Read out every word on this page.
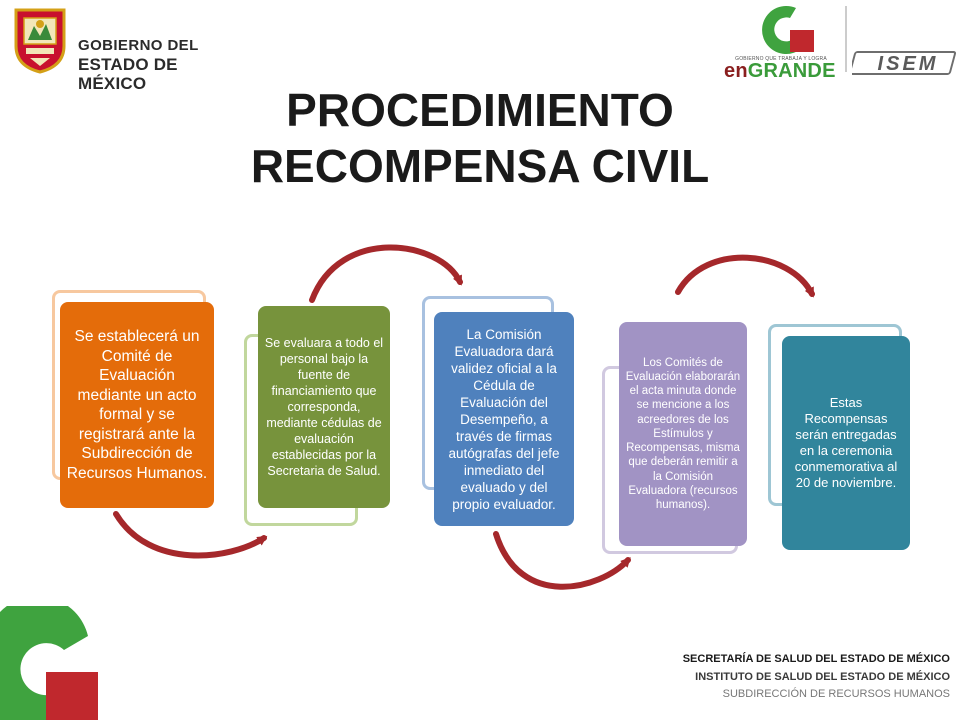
GOBIERNO DEL
ESTADO DE MÉXICO
GOBIERNO QUE TRABAJA Y LOGRA
enGRANDE ISEM
PROCEDIMIENTO
RECOMPENSA CIVIL
Se establecerá un Comité de Evaluación mediante un acto formal y se registrará ante la Subdirección de Recursos Humanos.
Se evaluara a todo el personal bajo la fuente de financiamiento que corresponda, mediante cédulas de evaluación establecidas por la Secretaria de Salud.
La Comisión Evaluadora dará validez oficial a la Cédula de Evaluación del Desempeño, a través de firmas autógrafas del jefe inmediato del evaluado y del propio evaluador.
Los Comités de Evaluación elaborarán el acta minuta donde se mencione a los acreedores de los Estímulos y Recompensas, misma que deberán remitir a la Comisión Evaluadora (recursos humanos).
Estas Recompensas serán entregadas en la ceremonia conmemorativa al 20 de noviembre.
SECRETARÍA DE SALUD DEL ESTADO DE MÉXICO
INSTITUTO DE SALUD DEL ESTADO DE MÉXICO
SUBDIRECCIÓN DE RECURSOS HUMANOS
